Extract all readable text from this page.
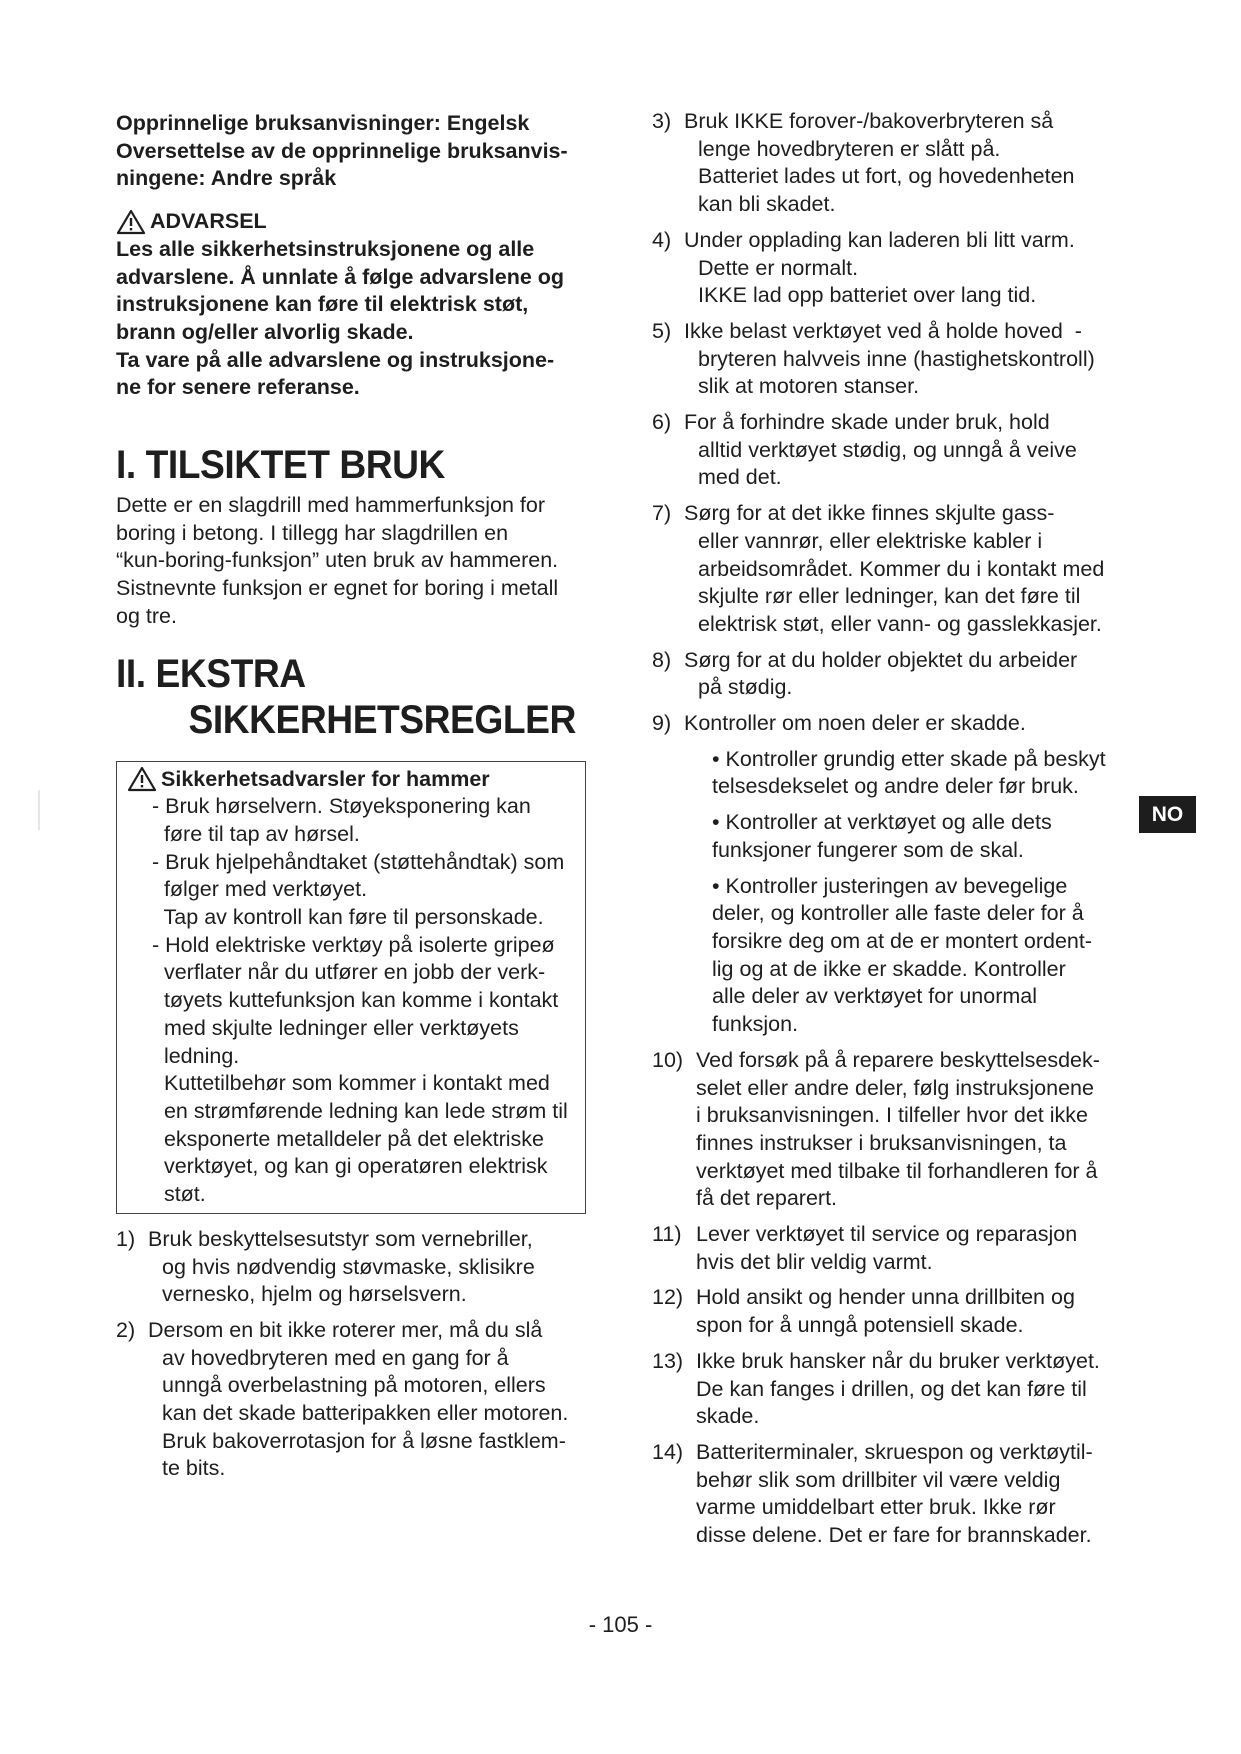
Opprinnelige bruksanvisninger: Engelsk
Oversettelse av de opprinnelige bruksanvis-
ningene: Andre språk
ADVARSEL
Les alle sikkerhetsinstruksjonene og alle
advarslene. Å unnlate å følge advarslene og
instruksjonene kan føre til elektrisk støt,
brann og/eller alvorlig skade.
Ta vare på alle advarslene og instruksjone-
ne for senere referanse.
I. TILSIKTET BRUK
Dette er en slagdrill med hammerfunksjon for
boring i betong. I tillegg har slagdrillen en
“kun-boring-funksjon” uten bruk av hammeren.
Sistnevnte funksjon er egnet for boring i metall
og tre.
II. EKSTRA
SIKKERHETSREGLER
Sikkerhetsadvarsler for hammer
- Bruk hørselvern. Støyeksponering kan
føre til tap av hørsel.
- Bruk hjelpehåndtaket (støttehåndtak) som
følger med verktøyet.
Tap av kontroll kan føre til personskade.
- Hold elektriske verktøy på isolerte gripeø
verflater når du utfører en jobb der verk-
tøyets kuttefunksjon kan komme i kontakt
med skjulte ledninger eller verktøyets
ledning.
Kuttetilbehør som kommer i kontakt med
en strømførende ledning kan lede strøm til
eksponerte metalldeler på det elektriske
verktøyet, og kan gi operatøren elektrisk
støt.
1) Bruk beskyttelsesutstyr som vernebriller,
og hvis nødvendig støvmaske, sklisikre
vernesko, hjelm og hørselsvern.
2) Dersom en bit ikke roterer mer, må du slå
av hovedbryteren med en gang for å
unngå overbelastning på motoren, ellers
kan det skade batteripakken eller motoren.
Bruk bakoverrotasjon for å løsne fastklem-
te bits.
3) Bruk IKKE forover-/bakoverbryteren så
lenge hovedbryteren er slått på.
Batteriet lades ut fort, og hovedenheten
kan bli skadet.
4) Under opplading kan laderen bli litt varm.
Dette er normalt.
IKKE lad opp batteriet over lang tid.
5) Ikke belast verktøyet ved å holde hoved  -
bryteren halvveis inne (hastighetskontroll)
slik at motoren stanser.
6) For å forhindre skade under bruk, hold
alltid verktøyet stødig, og unngå å veive
med det.
7) Sørg for at det ikke finnes skjulte gass-
eller vannrør, eller elektriske kabler i
arbeidsområdet. Kommer du i kontakt med
skjulte rør eller ledninger, kan det føre til
elektrisk støt, eller vann- og gasslekkasjer.
8) Sørg for at du holder objektet du arbeider
på stødig.
9) Kontroller om noen deler er skadde.
• Kontroller grundig etter skade på beskyt
telsesdekselet og andre deler før bruk.
• Kontroller at verktøyet og alle dets
funksjoner fungerer som de skal.
• Kontroller justeringen av bevegelige
deler, og kontroller alle faste deler for å
forsikre deg om at de er montert ordent-
lig og at de ikke er skadde. Kontroller
alle deler av verktøyet for unormal
funksjon.
10) Ved forsøk på å reparere beskyttelsesdek-
selet eller andre deler, følg instruksjonene
i bruksanvisningen. I tilfeller hvor det ikke
finnes instrukser i bruksanvisningen, ta
verktøyet med tilbake til forhandleren for å
få det reparert.
11) Lever verktøyet til service og reparasjon
hvis det blir veldig varmt.
12) Hold ansikt og hender unna drillbiten og
spon for å unngå potensiell skade.
13) Ikke bruk hansker når du bruker verktøyet.
De kan fanges i drillen, og det kan føre til
skade.
14) Batteriterminaler, skruespon og verktøytil-
behør slik som drillbiter vil være veldig
varme umiddelbart etter bruk. Ikke rør
disse delene. Det er fare for brannskader.
NO
- 105 -
